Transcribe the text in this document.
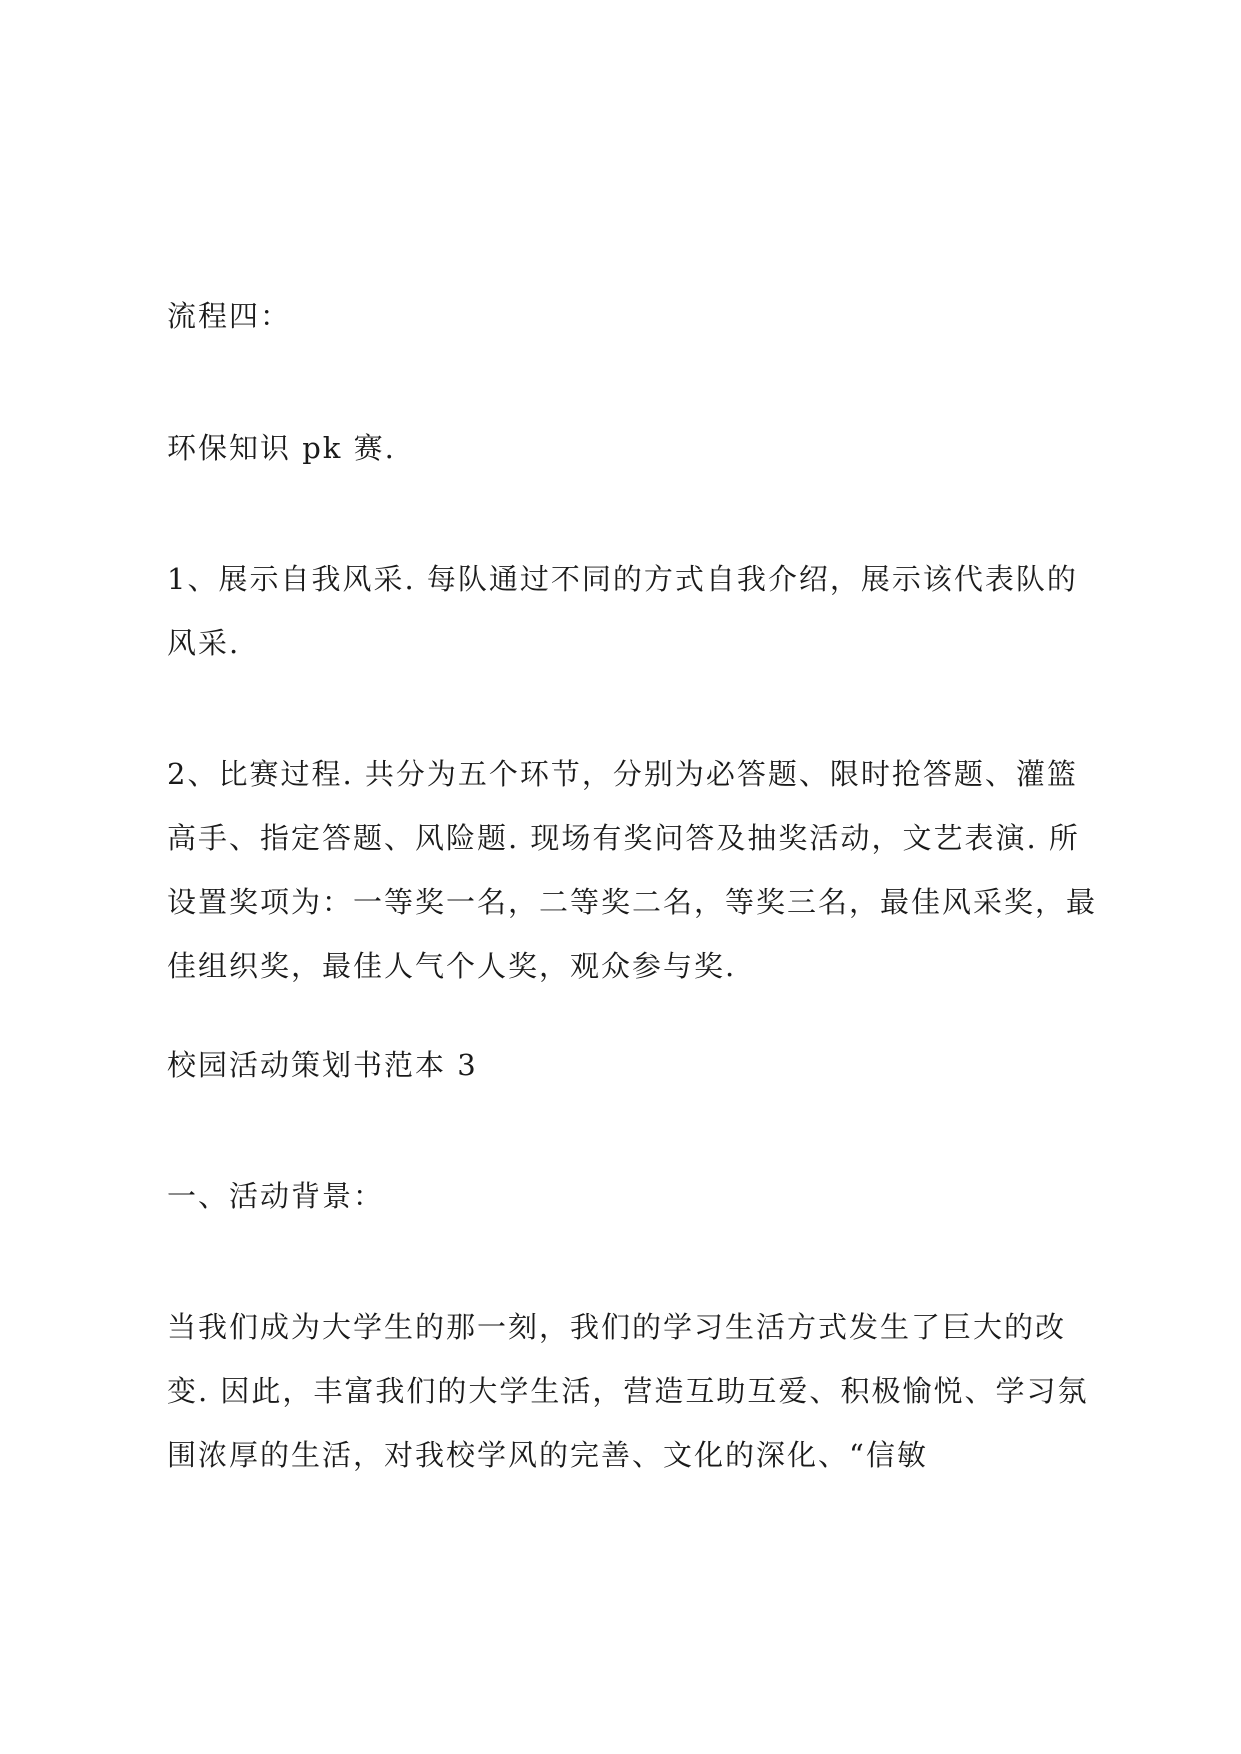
流程四：

环保知识 pk 赛.

1、展示自我风采. 每队通过不同的方式自我介绍，展示该代表队的风采.

2、比赛过程. 共分为五个环节，分别为必答题、限时抢答题、灌篮高手、指定答题、风险题. 现场有奖问答及抽奖活动，文艺表演. 所设置奖项为：一等奖一名，二等奖二名，等奖三名，最佳风采奖，最佳组织奖，最佳人气个人奖，观众参与奖.

校园活动策划书范本 3

一、活动背景：

当我们成为大学生的那一刻，我们的学习生活方式发生了巨大的改变. 因此，丰富我们的大学生活，营造互助互爱、积极愉悦、学习氛围浓厚的生活，对我校学风的完善、文化的深化、“信敏
